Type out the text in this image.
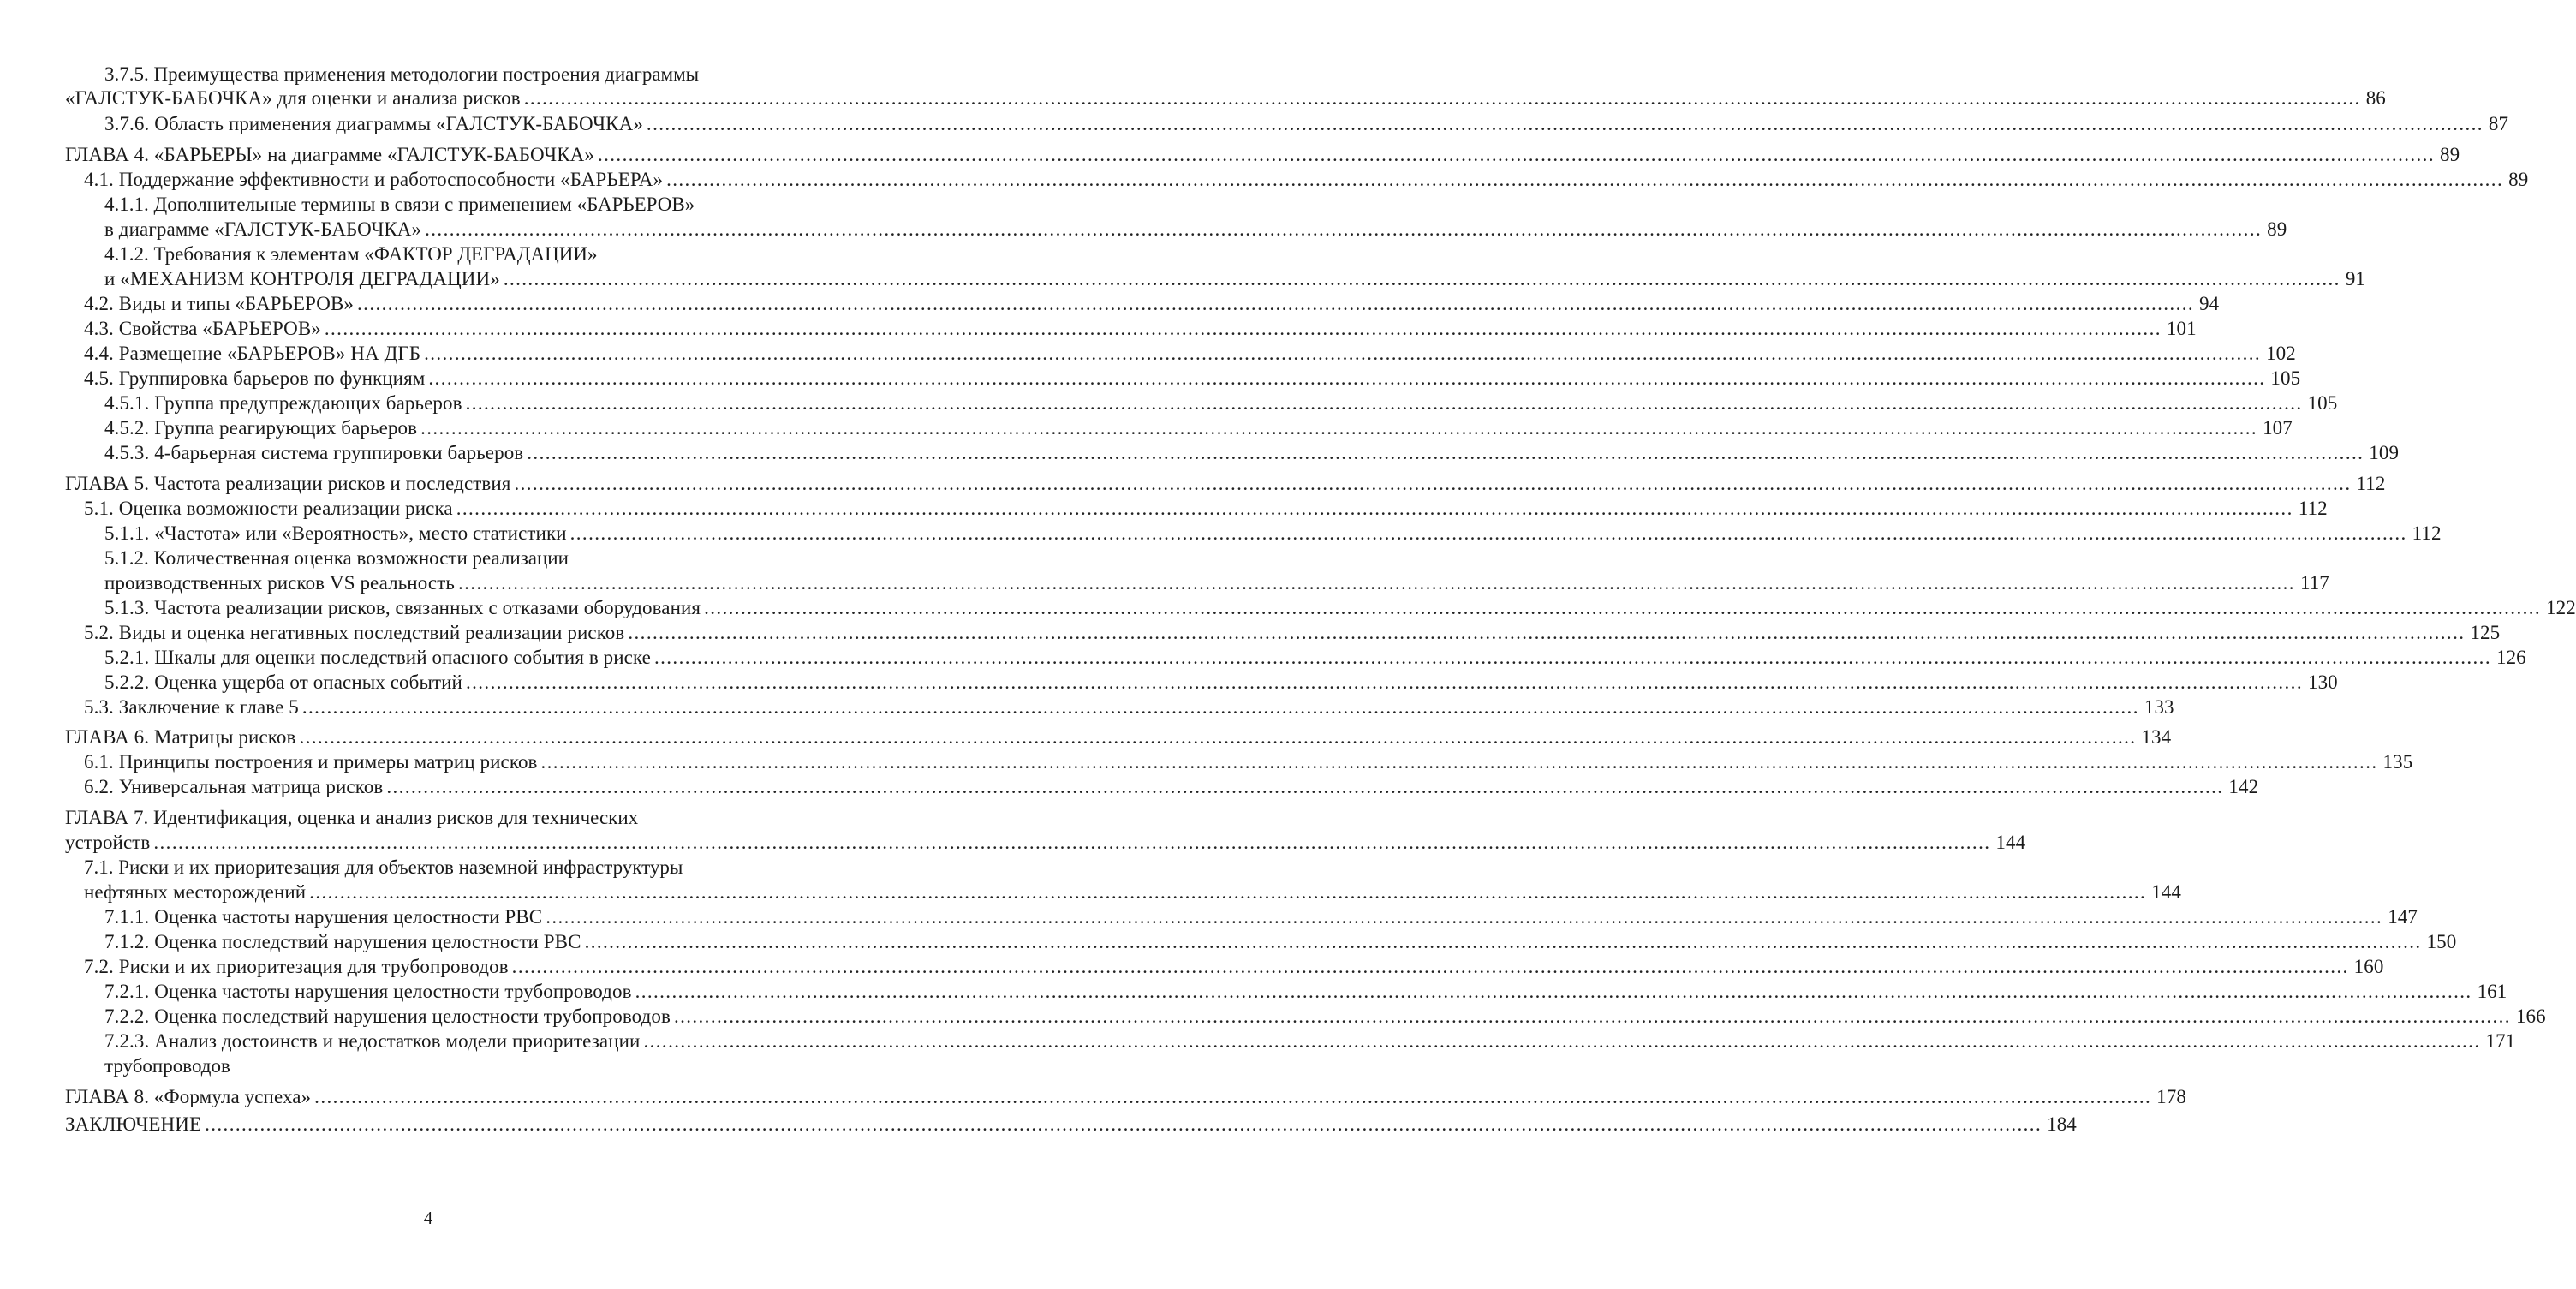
3.7.5. Преимущества применения методологии построения диаграммы
«ГАЛСТУК-БАБОЧКА» для оценки и анализа рисков ............................................................................................................................................................................................................................................................................................................ 86
3.7.6. Область применения диаграммы «ГАЛСТУК-БАБОЧКА» ............................................................................................................................................................................................................................................................................................................ 87
ГЛАВА 4. «БАРЬЕРЫ» на диаграмме «ГАЛСТУК-БАБОЧКА» ............................................................................................................................................................................................................................................................................................................ 89
4.1. Поддержание эффективности и работоспособности «БАРЬЕРА» ............................................................................................................................................................................................................................................................................................................ 89
4.1.1. Дополнительные термины в связи с применением «БАРЬЕРОВ»
в диаграмме «ГАЛСТУК-БАБОЧКА» ............................................................................................................................................................................................................................................................................................................ 89
4.1.2. Требования к элементам «ФАКТОР ДЕГРАДАЦИИ»
и «МЕХАНИЗМ КОНТРОЛЯ ДЕГРАДАЦИИ» ............................................................................................................................................................................................................................................................................................................ 91
4.2. Виды и типы «БАРЬЕРОВ» ............................................................................................................................................................................................................................................................................................................ 94
4.3. Свойства «БАРЬЕРОВ» ............................................................................................................................................................................................................................................................................................................ 101
4.4. Размещение «БАРЬЕРОВ» НА ДГБ ............................................................................................................................................................................................................................................................................................................ 102
4.5. Группировка барьеров по функциям ............................................................................................................................................................................................................................................................................................................ 105
4.5.1. Группа предупреждающих барьеров ............................................................................................................................................................................................................................................................................................................ 105
4.5.2. Группа реагирующих барьеров ............................................................................................................................................................................................................................................................................................................ 107
4.5.3. 4-барьерная система группировки барьеров ............................................................................................................................................................................................................................................................................................................ 109
ГЛАВА 5. Частота реализации рисков и последствия ............................................................................................................................................................................................................................................................................................................ 112
5.1. Оценка возможности реализации риска ............................................................................................................................................................................................................................................................................................................ 112
5.1.1. «Частота» или «Вероятность», место статистики ............................................................................................................................................................................................................................................................................................................ 112
5.1.2. Количественная оценка возможности реализации
производственных рисков VS реальность ............................................................................................................................................................................................................................................................................................................ 117
5.1.3. Частота реализации рисков, связанных с отказами оборудования ............................................................................................................................................................................................................................................................................................................ 122
5.2. Виды и оценка негативных последствий реализации рисков ............................................................................................................................................................................................................................................................................................................ 125
5.2.1. Шкалы для оценки последствий опасного события в риске ............................................................................................................................................................................................................................................................................................................ 126
5.2.2. Оценка ущерба от опасных событий ............................................................................................................................................................................................................................................................................................................ 130
5.3. Заключение к главе 5 ............................................................................................................................................................................................................................................................................................................ 133
ГЛАВА 6. Матрицы рисков ............................................................................................................................................................................................................................................................................................................ 134
6.1. Принципы построения и примеры матриц рисков ............................................................................................................................................................................................................................................................................................................ 135
6.2. Универсальная матрица рисков ............................................................................................................................................................................................................................................................................................................ 142
ГЛАВА 7. Идентификация, оценка и анализ рисков для технических
устройств ............................................................................................................................................................................................................................................................................................................ 144
7.1. Риски и их приоритезация для объектов наземной инфраструктуры
нефтяных месторождений ............................................................................................................................................................................................................................................................................................................ 144
7.1.1. Оценка частоты нарушения целостности РВС ............................................................................................................................................................................................................................................................................................................ 147
7.1.2. Оценка последствий нарушения целостности РВС ............................................................................................................................................................................................................................................................................................................ 150
7.2. Риски и их приоритезация для трубопроводов ............................................................................................................................................................................................................................................................................................................ 160
7.2.1. Оценка частоты нарушения целостности трубопроводов ............................................................................................................................................................................................................................................................................................................ 161
7.2.2. Оценка последствий нарушения целостности трубопроводов ............................................................................................................................................................................................................................................................................................................ 166
7.2.3. Анализ достоинств и недостатков модели приоритезации ............................................................................................................................................................................................................................................................................................................ 171
трубопроводов
ГЛАВА 8. «Формула успеха» ............................................................................................................................................................................................................................................................................................................ 178
ЗАКЛЮЧЕНИЕ ............................................................................................................................................................................................................................................................................................................ 184
4
